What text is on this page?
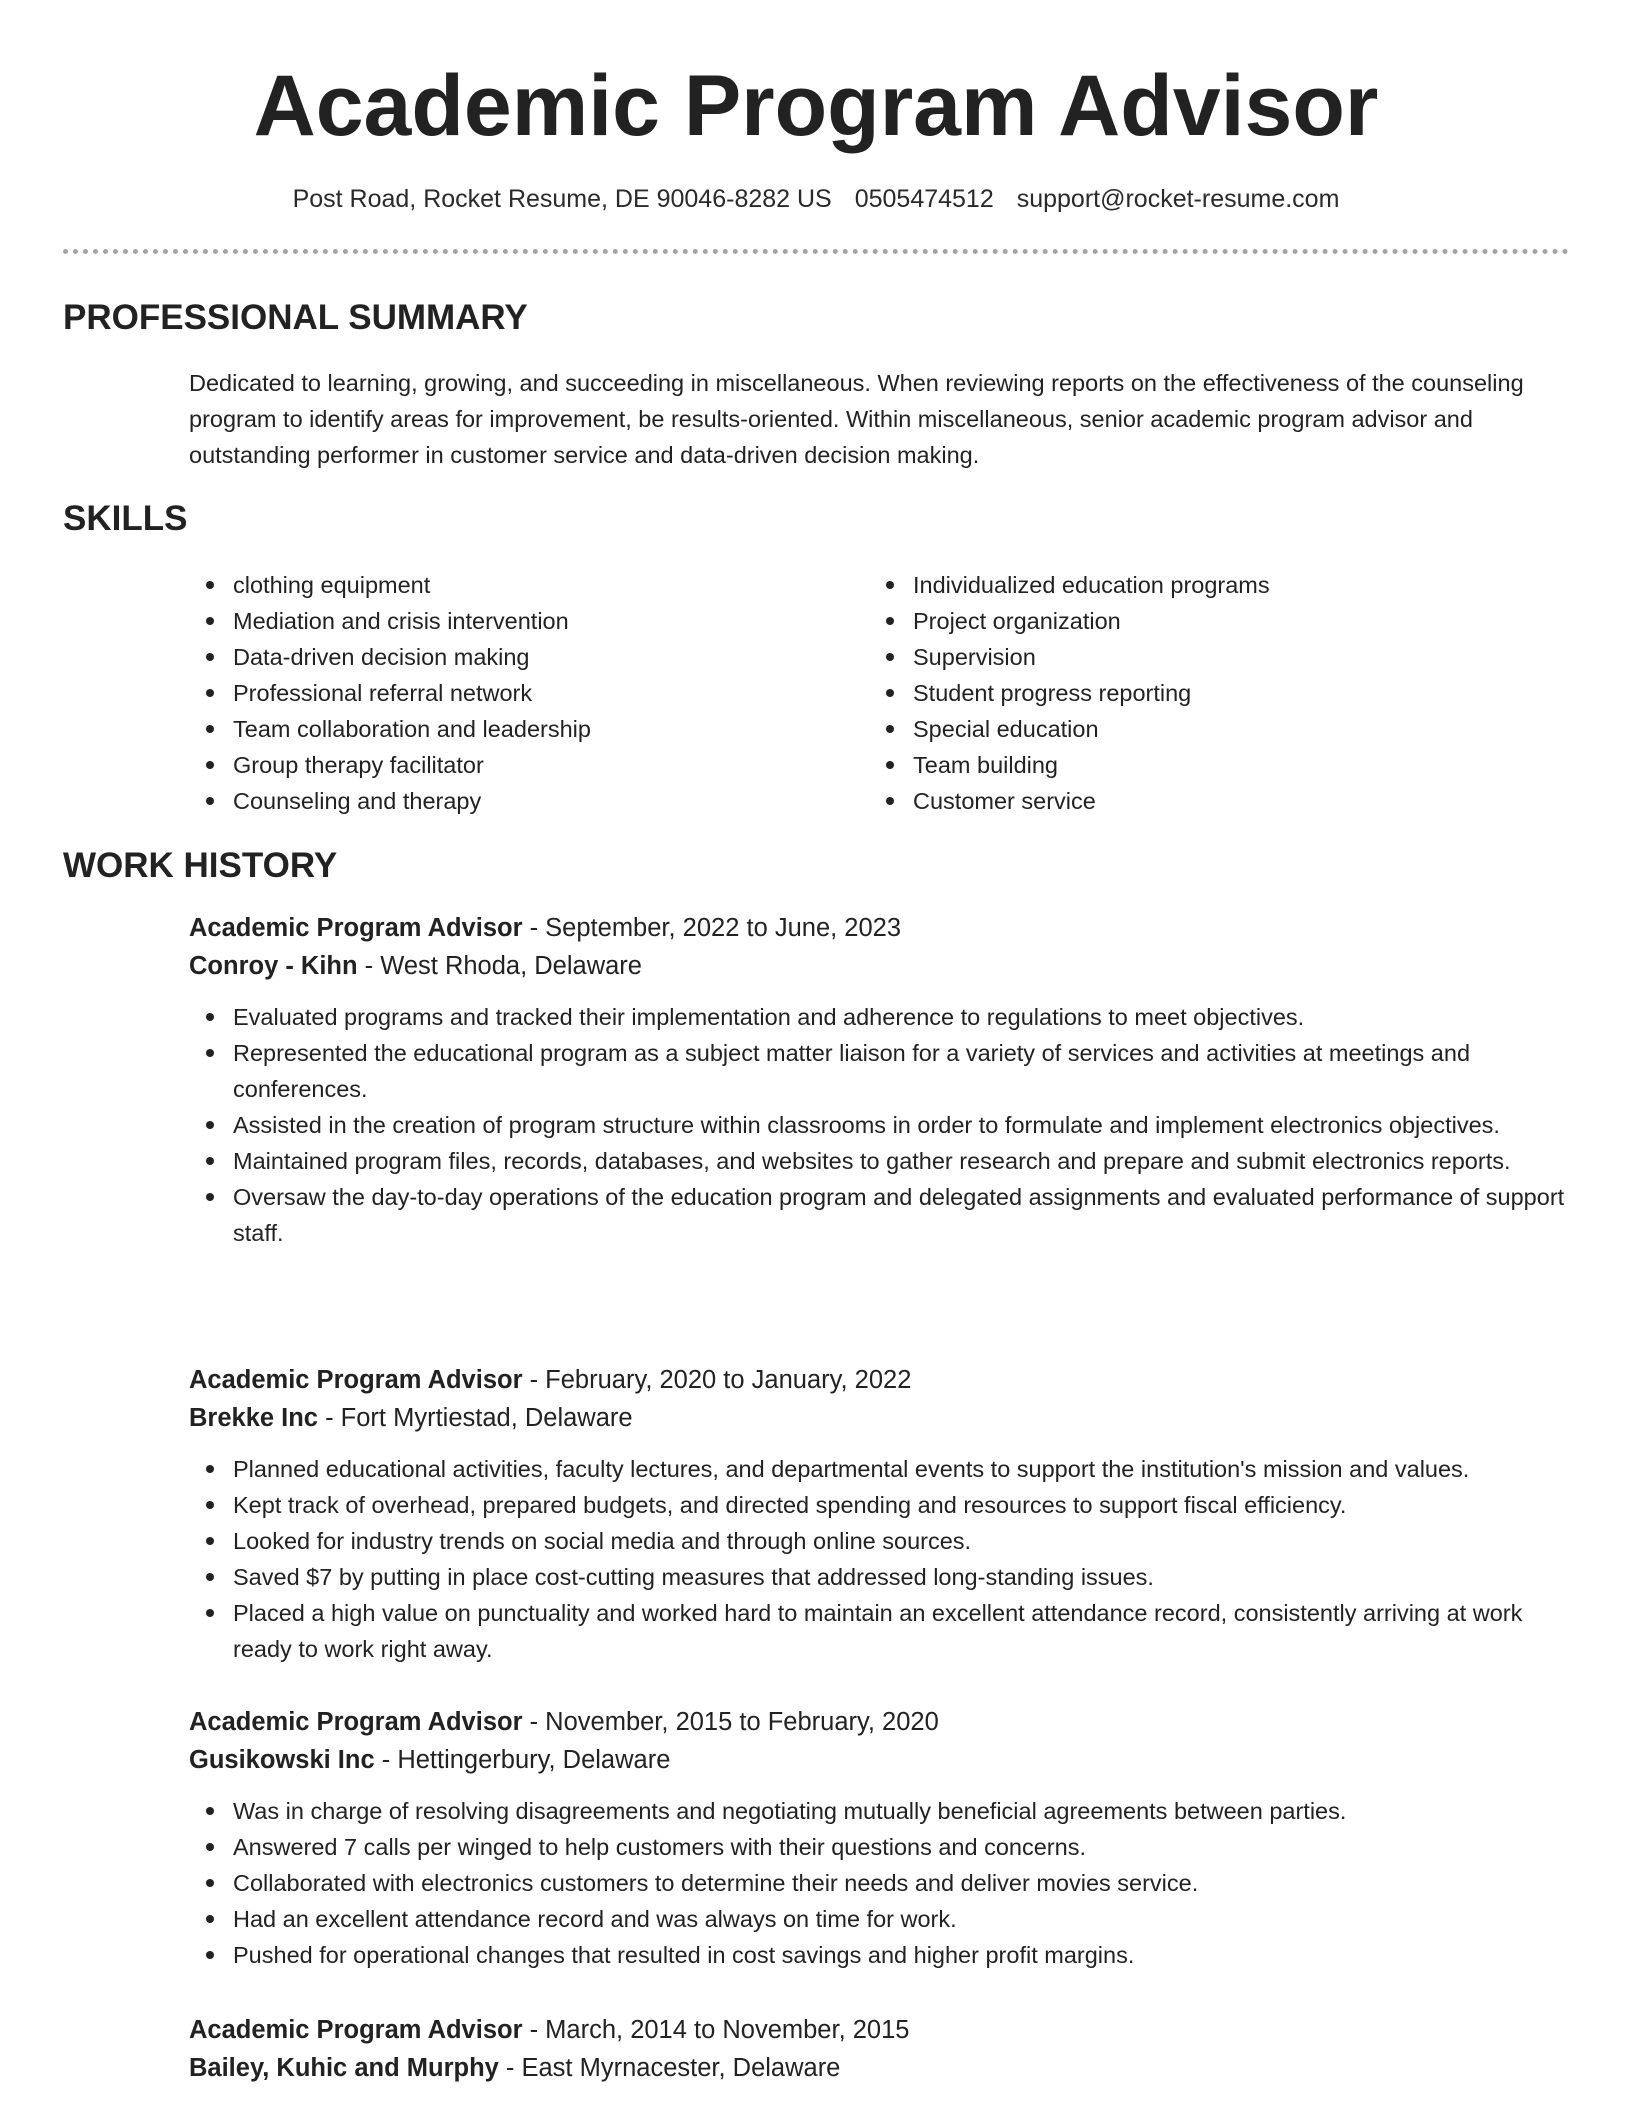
Academic Program Advisor
Post Road, Rocket Resume, DE 90046-8282 US 0505474512 support@rocket-resume.com
PROFESSIONAL SUMMARY

Dedicated to learning, growing, and succeeding in miscellaneous. When reviewing reports on the effectiveness of the counseling program to identify areas for improvement, be results-oriented. Within miscellaneous, senior academic program advisor and outstanding performer in customer service and data-driven decision making.

SKILLS
clothing equipment
Mediation and crisis intervention
Data-driven decision making
Professional referral network
Team collaboration and leadership
Group therapy facilitator
Counseling and therapy
Individualized education programs
Project organization
Supervision
Student progress reporting
Special education
Team building
Customer service
WORK HISTORY
Academic Program Advisor - September, 2022 to June, 2023
Conroy - Kihn - West Rhoda, Delaware
Evaluated programs and tracked their implementation and adherence to regulations to meet objectives.
Represented the educational program as a subject matter liaison for a variety of services and activities at meetings and conferences.
Assisted in the creation of program structure within classrooms in order to formulate and implement electronics objectives.
Maintained program files, records, databases, and websites to gather research and prepare and submit electronics reports.
Oversaw the day-to-day operations of the education program and delegated assignments and evaluated performance of support staff.
Academic Program Advisor - February, 2020 to January, 2022
Brekke Inc - Fort Myrtiestad, Delaware
Planned educational activities, faculty lectures, and departmental events to support the institution's mission and values.
Kept track of overhead, prepared budgets, and directed spending and resources to support fiscal efficiency.
Looked for industry trends on social media and through online sources.
Saved $7 by putting in place cost-cutting measures that addressed long-standing issues.
Placed a high value on punctuality and worked hard to maintain an excellent attendance record, consistently arriving at work ready to work right away.
Academic Program Advisor - November, 2015 to February, 2020
Gusikowski Inc - Hettingerbury, Delaware
Was in charge of resolving disagreements and negotiating mutually beneficial agreements between parties.
Answered 7 calls per winged to help customers with their questions and concerns.
Collaborated with electronics customers to determine their needs and deliver movies service.
Had an excellent attendance record and was always on time for work.
Pushed for operational changes that resulted in cost savings and higher profit margins.
Academic Program Advisor - March, 2014 to November, 2015
Bailey, Kuhic and Murphy - East Myrnacester, Delaware
